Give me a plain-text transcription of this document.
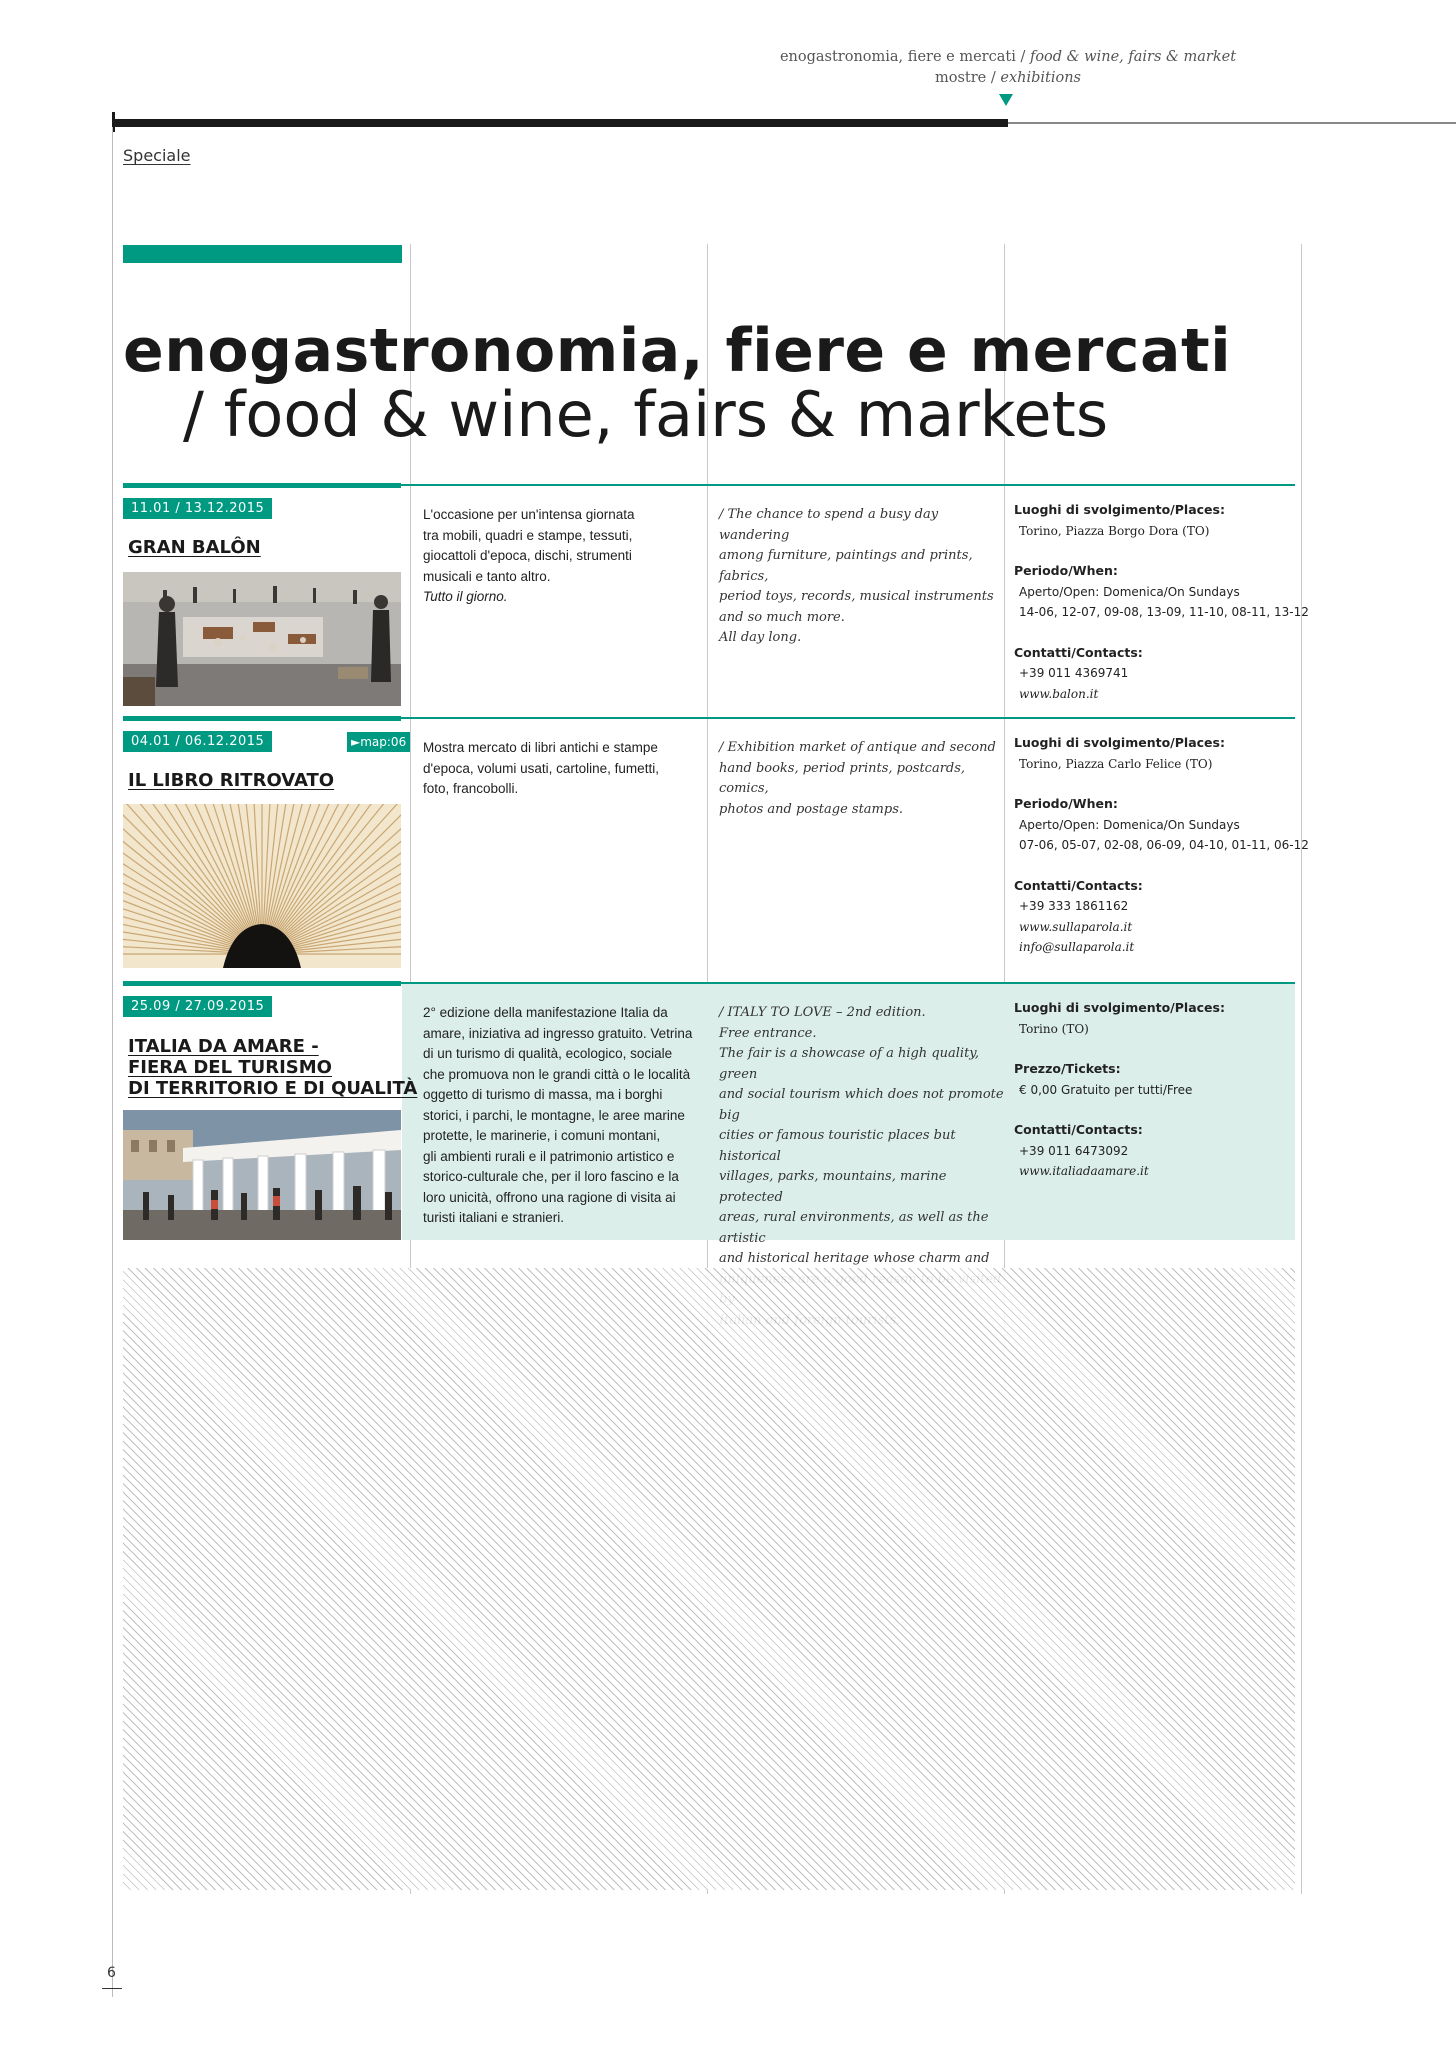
enogastronomia, fiere e mercati / food & wine, fairs & market
mostre / exhibitions
Speciale
enogastronomia, fiere e mercati
/ food & wine, fairs & markets
11.01 / 13.12.2015
GRAN BALÔN
L'occasione per un'intensa giornata
tra mobili, quadri e stampe, tessuti,
giocattoli d'epoca, dischi, strumenti
musicali e tanto altro.
Tutto il giorno.
/ The chance to spend a busy day wandering
among furniture, paintings and prints, fabrics,
period toys, records, musical instruments
and so much more.
All day long.
Luoghi di svolgimento/Places:
Torino, Piazza Borgo Dora (TO)
Periodo/When:
Aperto/Open: Domenica/On Sundays
14-06, 12-07, 09-08, 13-09, 11-10, 08-11, 13-12
Contatti/Contacts:
+39 011 4369741
www.balon.it
04.01 / 06.12.2015	►map:06
IL LIBRO RITROVATO
Mostra mercato di libri antichi e stampe
d'epoca, volumi usati, cartoline, fumetti,
foto, francobolli.
/ Exhibition market of antique and second
hand books, period prints, postcards, comics,
photos and postage stamps.
Luoghi di svolgimento/Places:
Torino, Piazza Carlo Felice (TO)
Periodo/When:
Aperto/Open: Domenica/On Sundays
07-06, 05-07, 02-08, 06-09, 04-10, 01-11, 06-12
Contatti/Contacts:
+39 333 1861162
www.sullaparola.it
info@sullaparola.it
25.09 / 27.09.2015
ITALIA DA AMARE -
FIERA DEL TURISMO
DI TERRITORIO E DI QUALITÀ
2° edizione della manifestazione Italia da
amare, iniziativa ad ingresso gratuito. Vetrina
di un turismo di qualità, ecologico, sociale
che promuova non le grandi città o le località
oggetto di turismo di massa, ma i borghi
storici, i parchi, le montagne, le aree marine
protette, le marinerie, i comuni montani,
gli ambienti rurali e il patrimonio artistico e
storico-culturale che, per il loro fascino e la
loro unicità, offrono una ragione di visita ai
turisti italiani e stranieri.
/ ITALY TO LOVE – 2nd edition.
Free entrance.
The fair is a showcase of a high quality, green
and social tourism which does not promote big
cities or famous touristic places but historical
villages, parks, mountains, marine protected
areas, rural environments, as well as the artistic
and historical heritage whose charm and
Luoghi di svolgimento/Places:
Torino (TO)
Prezzo/Tickets:
€ 0,00 Gratuito per tutti/Free
Contatti/Contacts:
+39 011 6473092
www.italiadaamare.it
6
